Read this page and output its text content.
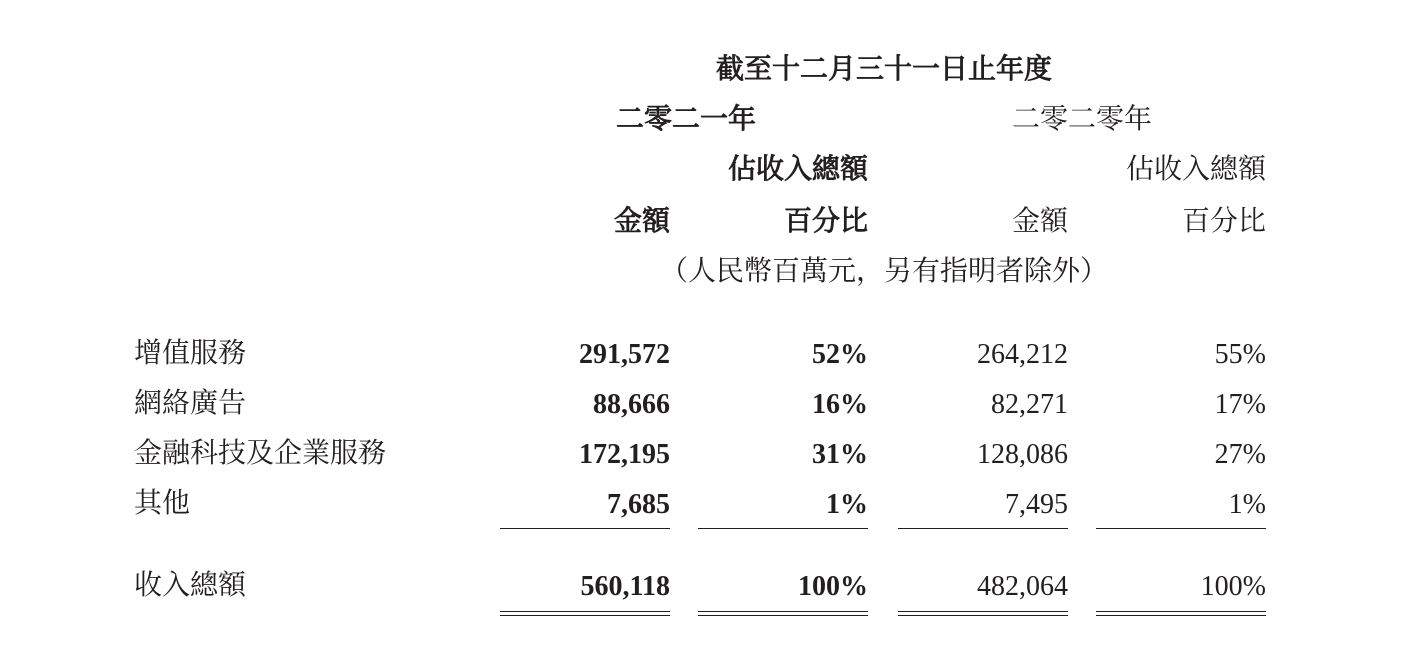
截至十二月三十一日止年度
二零二一年	二零二零年
佔收入總額	佔收入總額
金額	百分比	金額	百分比
（人民幣百萬元，另有指明者除外）
增值服務	291,572	52%	264,212	55%
網絡廣告	88,666	16%	82,271	17%
金融科技及企業服務	172,195	31%	128,086	27%
其他	7,685	1%	7,495	1%
收入總額	560,118	100%	482,064	100%
